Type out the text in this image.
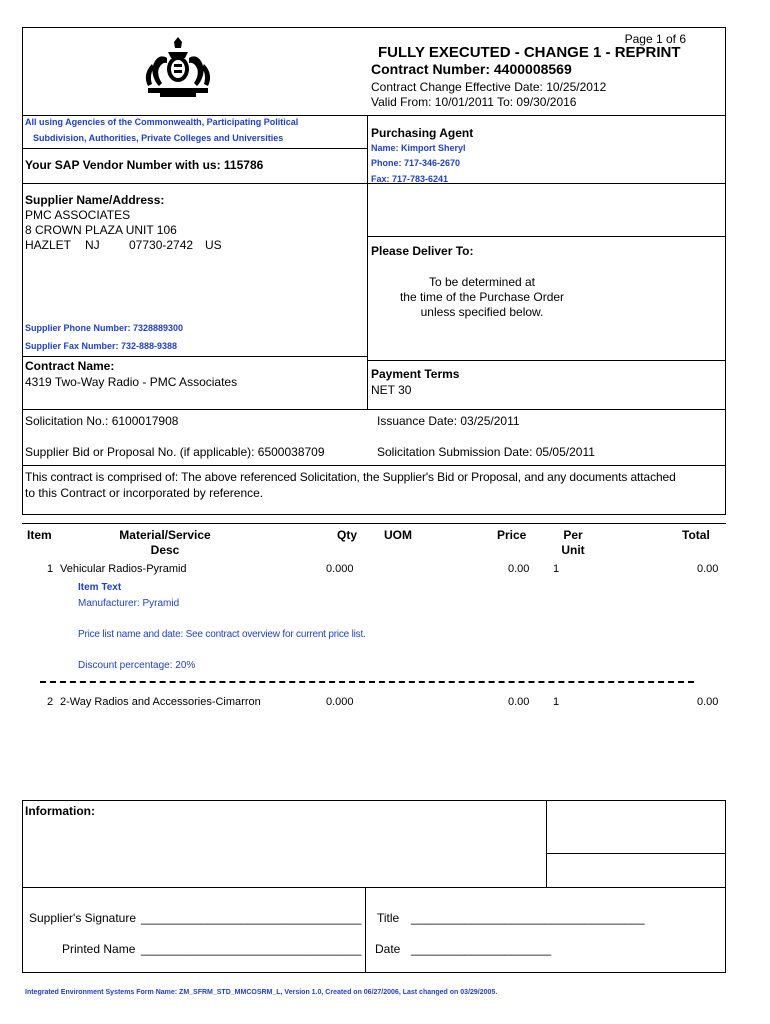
Page 1 of 6
FULLY EXECUTED - CHANGE 1 - REPRINT
Contract Number: 4400008569
Contract Change Effective Date: 10/25/2012
Valid From: 10/01/2011 To: 09/30/2016
All using Agencies of the Commonwealth, Participating Political
Subdivision, Authorities, Private Colleges and Universities
Your SAP Vendor Number with us: 115786
Purchasing Agent
Name: Kimport Sheryl
Phone: 717-346-2670
Fax: 717-783-6241
Supplier Name/Address:
PMC ASSOCIATES
8 CROWN PLAZA UNIT 106
HAZLET NJ 07730-2742 US
Supplier Phone Number: 7328889300
Supplier Fax Number: 732-888-9388
Please Deliver To:
To be determined at
the time of the Purchase Order
unless specified below.
Contract Name:
4319 Two-Way Radio - PMC Associates
Payment Terms
NET 30
Solicitation No.: 6100017908	Issuance Date: 03/25/2011
Supplier Bid or Proposal No. (if applicable): 6500038709	Solicitation Submission Date: 05/05/2011
This contract is comprised of: The above referenced Solicitation, the Supplier's Bid or Proposal, and any documents attached
to this Contract or incorporated by reference.
Item	Material/Service
Desc
Qty UOM	Price	Per
Unit
Total
1 Vehicular Radios-Pyramid	0.000	0.00 1	0.00
Item Text
Manufacturer: Pyramid
Price list name and date: See contract overview for current price list.
Discount percentage: 20%
2 2-Way Radios and Accessories-Cimarron	0.000	0.00 1	0.00
Information:
Supplier's Signature _________________________________
Printed Name _________________________________
Title ___________________________________
Date _____________________
Integrated Environment Systems Form Name: ZM_SFRM_STD_MMCOSRM_L, Version 1.0, Created on 06/27/2006, Last changed on 03/29/2005.
